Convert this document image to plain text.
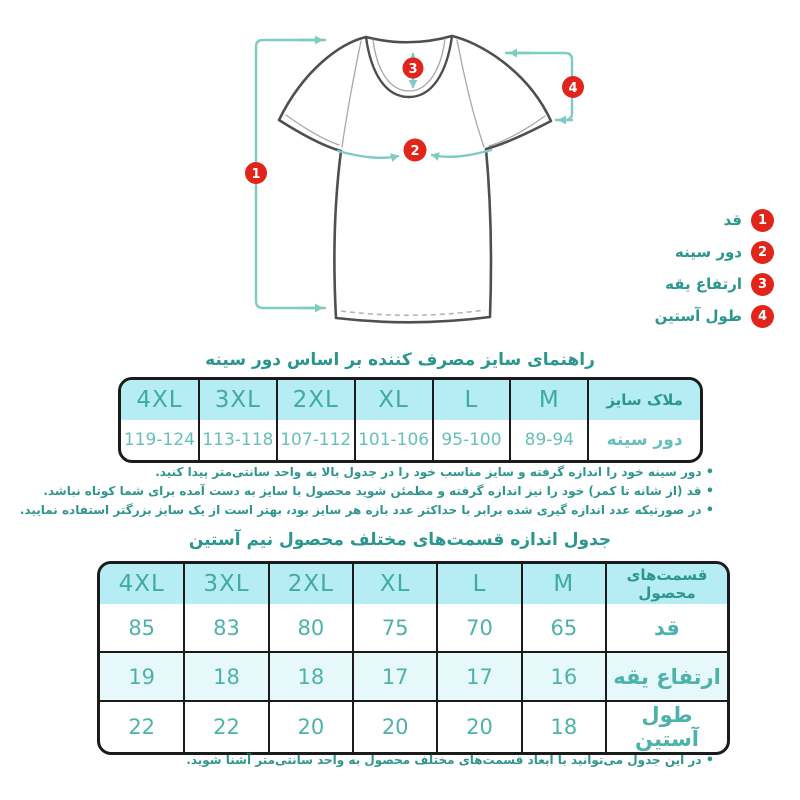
1
2
3
4
قد	1
دور سینه	2
ارتفاع یقه	3
طول آستین	4
راهنمای سایز مصرف کننده بر اساس دور سینه
ملاک سایز	M	L	XL	2XL	3XL	4XL
دور سینه	89-94	95-100	101-106	107-112	113-118	119-124
• دور سینه خود را اندازه گرفته و سایز مناسب خود را در جدول بالا به واحد سانتی‌متر پیدا کنید.
• قد (از شانه تا کمر) خود را نیز اندازه گرفته و مطمئن شوید محصول با سایز به دست آمده برای شما کوتاه نباشد.
• در صورتیکه عدد اندازه گیری شده برابر با حداکثر عدد بازه هر سایز بود، بهتر است از یک سایز بزرگتر استفاده نمایید.
جدول اندازه قسمت‌های مختلف محصول نیم آستین
قسمت‌های محصول	M	L	XL	2XL	3XL	4XL
قد	65	70	75	80	83	85
ارتفاع یقه	16	17	17	18	18	19
طول آستین	18	20	20	20	22	22
• در این جدول می‌توانید با ابعاد قسمت‌های مختلف محصول به واحد سانتی‌متر آشنا شوید.
